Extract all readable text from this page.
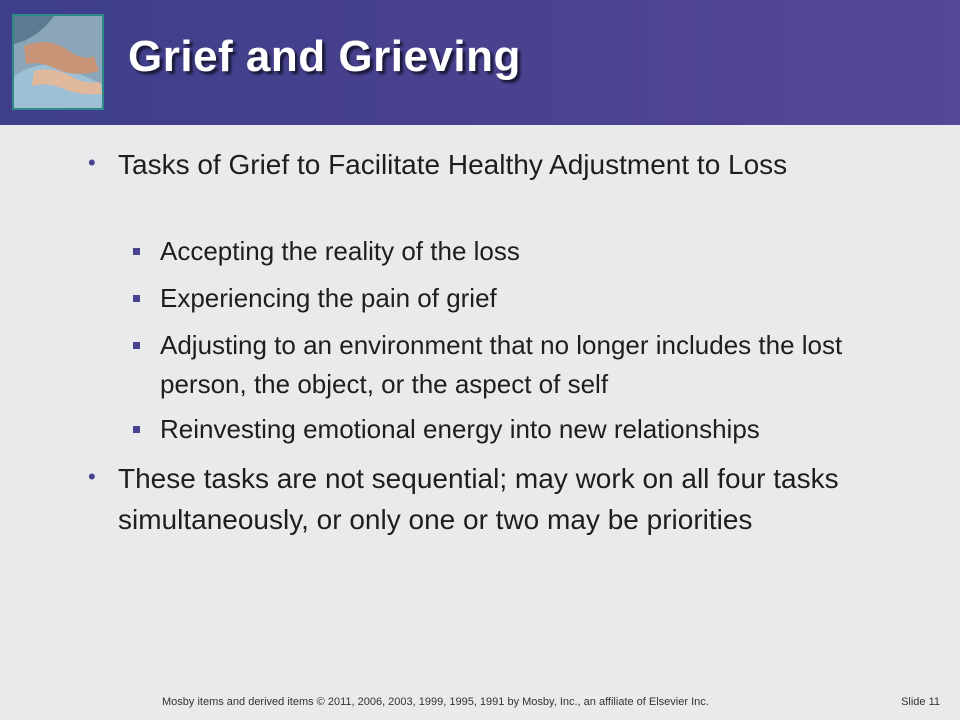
Grief and Grieving
• Tasks of Grief to Facilitate Healthy Adjustment to Loss
Accepting the reality of the loss
Experiencing the pain of grief
Adjusting to an environment that no longer includes the lost person, the object, or the aspect of self
Reinvesting emotional energy into new relationships
• These tasks are not sequential; may work on all four tasks simultaneously, or only one or two may be priorities
Mosby items and derived items © 2011, 2006, 2003, 1999, 1995, 1991 by Mosby, Inc., an affiliate of Elsevier Inc.	Slide 11
